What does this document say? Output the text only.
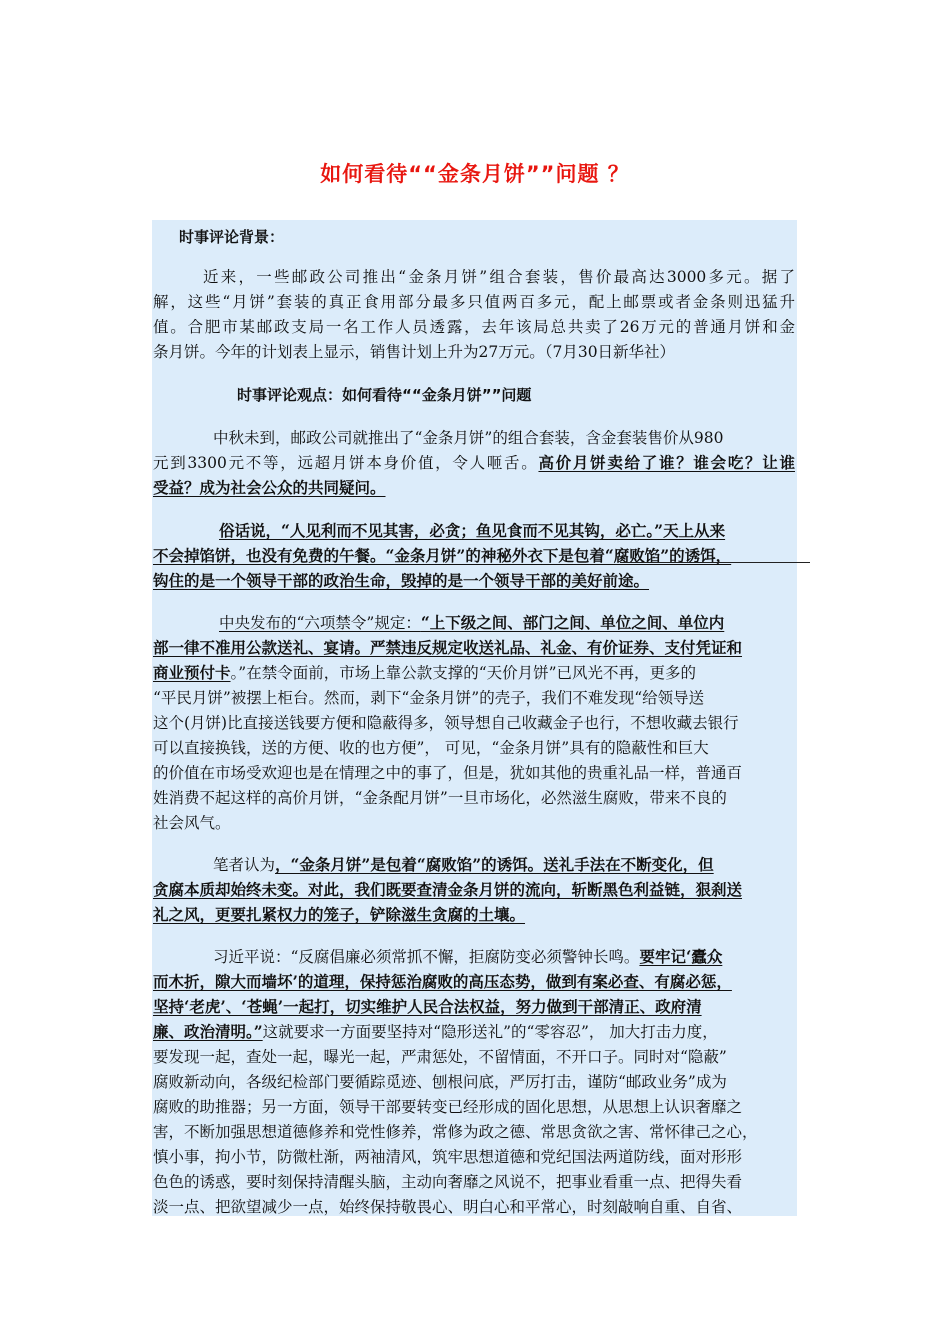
如何看待““金条月饼””问题 ？
时事评论背景：
近来，一些邮政公司推出“金条月饼”组合套装，售价最高达3000多元。据了
解，这些“月饼”套装的真正食用部分最多只值两百多元，配上邮票或者金条则迅猛升
值。合肥市某邮政支局一名工作人员透露，去年该局总共卖了26万元的普通月饼和金
条月饼。今年的计划表上显示，销售计划上升为27万元。（7月30日新华社）
时事评论观点：如何看待““金条月饼””问题
中秋未到，邮政公司就推出了“金条月饼”的组合套装，含金套装售价从980
元到3300元不等，远超月饼本身价值，令人咂舌。高价月饼卖给了谁？谁会吃？让谁
受益？成为社会公众的共同疑问。
俗话说，“人见利而不见其害，必贪；鱼见食而不见其钩，必亡。”天上从来
不会掉馅饼，也没有免费的午餐。“金条月饼”的神秘外衣下是包着“腐败馅”的诱饵，
钩住的是一个领导干部的政治生命，毁掉的是一个领导干部的美好前途。
中央发布的“六项禁令”规定：“上下级之间、部门之间、单位之间、单位内
部一律不准用公款送礼、宴请。严禁违反规定收送礼品、礼金、有价证券、支付凭证和
商业预付卡。”在禁令面前，市场上靠公款支撑的“天价月饼”已风光不再，更多的
“平民月饼”被摆上柜台。然而，剥下“金条月饼”的壳子，我们不难发现“给领导送
这个(月饼)比直接送钱要方便和隐蔽得多，领导想自己收藏金子也行，不想收藏去银行
可以直接换钱，送的方便、收的也方便”， 可见，“金条月饼”具有的隐蔽性和巨大
的价值在市场受欢迎也是在情理之中的事了，但是，犹如其他的贵重礼品一样，普通百
姓消费不起这样的高价月饼，“金条配月饼”一旦市场化，必然滋生腐败，带来不良的
社会风气。
笔者认为，“金条月饼”是包着“腐败馅”的诱饵。送礼手法在不断变化，但
贪腐本质却始终未变。对此，我们既要查清金条月饼的流向，斩断黑色利益链，狠刹送
礼之风，更要扎紧权力的笼子，铲除滋生贪腐的土壤。
习近平说：“反腐倡廉必须常抓不懈，拒腐防变必须警钟长鸣。要牢记‘蠹众
而木折，隙大而墙坏’的道理，保持惩治腐败的高压态势，做到有案必查、有腐必惩，
坚持‘老虎’、‘苍蝇’一起打，切实维护人民合法权益，努力做到干部清正、政府清
廉、政治清明。”这就要求一方面要坚持对“隐形送礼”的“零容忍”， 加大打击力度，
要发现一起，查处一起，曝光一起，严肃惩处，不留情面，不开口子。同时对“隐蔽”
腐败新动向，各级纪检部门要循踪觅迹、刨根问底，严厉打击，谨防“邮政业务”成为
腐败的助推器；另一方面，领导干部要转变已经形成的固化思想，从思想上认识奢靡之
害，不断加强思想道德修养和党性修养，常修为政之德、常思贪欲之害、常怀律己之心，
慎小事，拘小节，防微杜渐，两袖清风，筑牢思想道德和党纪国法两道防线，面对形形
色色的诱惑，要时刻保持清醒头脑，主动向奢靡之风说不，把事业看重一点、把得失看
淡一点、把欲望减少一点，始终保持敬畏心、明白心和平常心，时刻敲响自重、自省、
